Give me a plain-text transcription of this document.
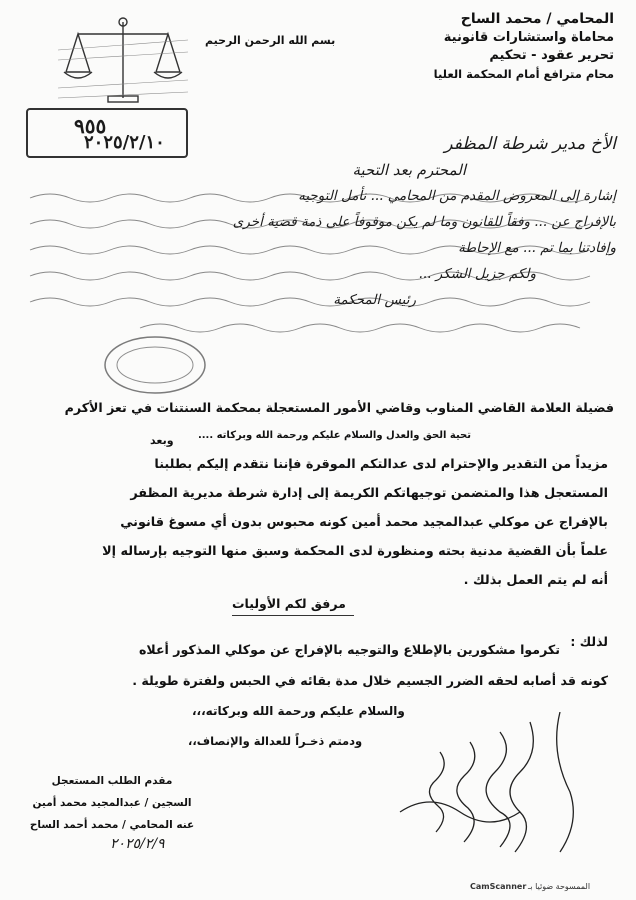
المحامي / محمد الساح
محاماة واستشارات قانونية
تحرير عقود - تحكيم
محام مترافع أمام المحكمة العليا
بسم الله الرحمن الرحيم
٩٥٥
٢٠٢٥/٢/١٠	الأخ مدير شرطة المظفر
المحترم بعد التحية
إشارة إلى المعروض المقدم من المحامي ... نأمل التوجيه
بالإفراج عن ... وفقاً للقانون وما لم يكن موقوفاً على ذمة قضية أخرى
وإفادتنا بما تم ... مع الإحاطة
ولكم جزيل الشكر ...
رئيس المحكمة
فضيلة العلامة القاضي المناوب وقاضي الأمور المستعجلة بمحكمة السنتنات في تعز الأكرم
تحية الحق والعدل والسلام عليكم ورحمة الله وبركاته ....
وبعد
مزيداً من التقدير والإحترام لدى عدالتكم الموقرة فإننا نتقدم إليكم بطلبنا
المستعجل هذا والمتضمن توجيهاتكم الكريمة إلى إدارة شرطة مديرية المظفر
بالإفراج عن موكلي عبدالمجيد محمد أمين كونه محبوس بدون أي مسوغ قانوني
علماً بأن القضية مدنية بحته ومنظورة لدى المحكمة وسبق منها التوجيه بإرساله إلا
أنه لم يتم العمل بذلك .
مرفق لكم الأوليات
لذلك :
تكرموا مشكورين بالإطلاع والتوجيه بالإفراج عن موكلي المذكور أعلاه
كونه قد أصابه لحقه الضرر الجسيم خلال مدة بقائه في الحبس ولفترة طويلة .
والسلام عليكم ورحمة الله وبركاته،،،
ودمتم ذخـراً للعدالة والإنصاف،،
مقدم الطلب المستعجل
السجين / عبدالمجيد محمد أمين
عنه المحامي / محمد أحمد الساح
٢٠٢٥/٢/٩
الممسوحة ضوئيا بـ
CamScanner
